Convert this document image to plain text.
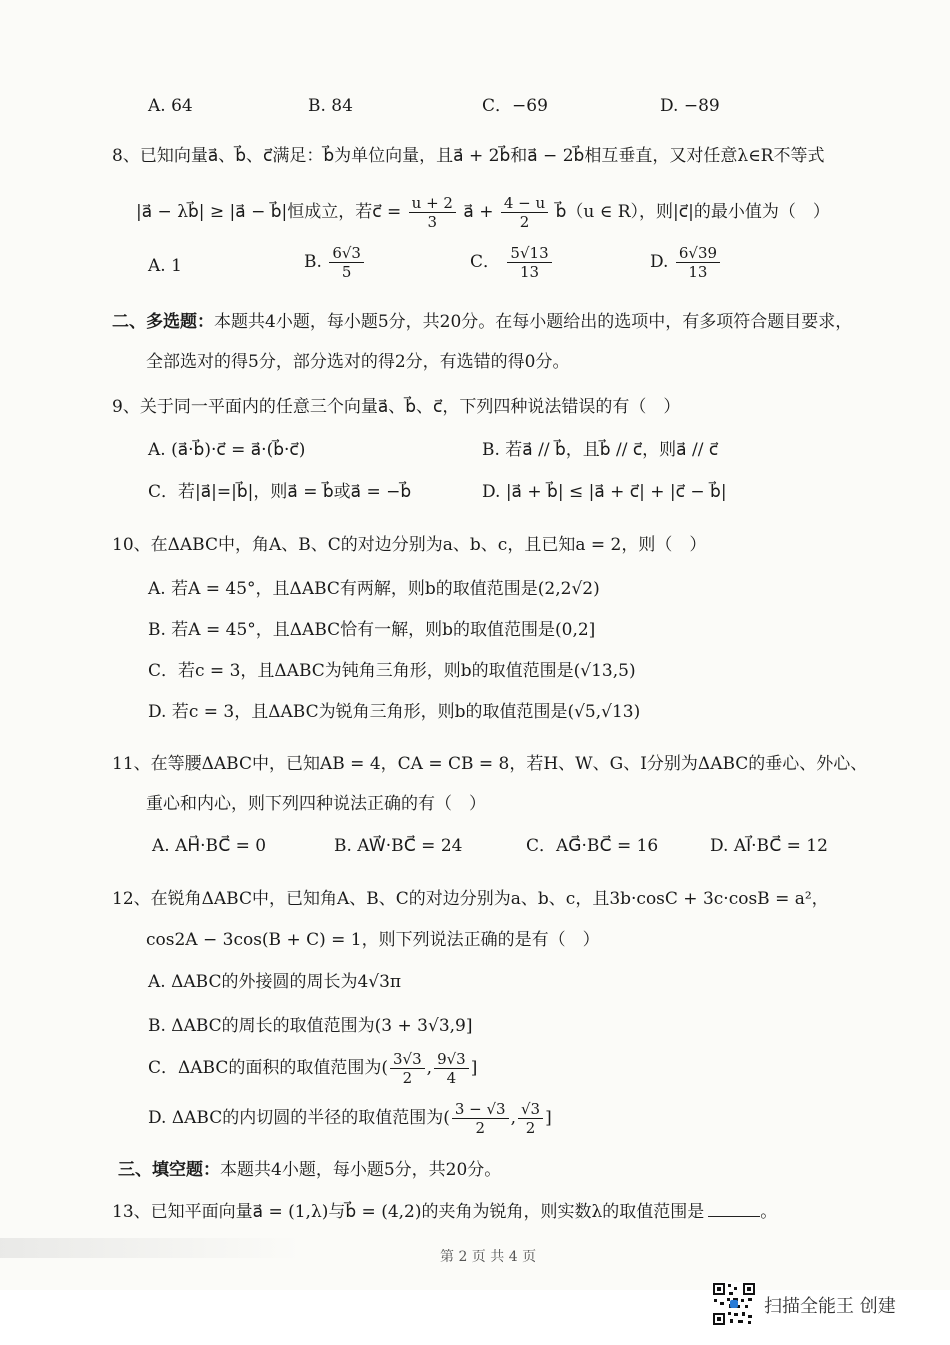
A. 64	B. 84	C．−69	D. −89
8、已知向量a⃗、b⃗、c⃗满足：b⃗为单位向量，且a⃗ + 2b⃗和a⃗ − 2b⃗相互垂直，又对任意λ∈R不等式
|a⃗ − λb⃗| ≥ |a⃗ − b⃗|恒成立，若c⃗ = $\frac{u + 2}{3}$ a⃗ + $\frac{4 - u}{2}$ b⃗（u ∈ R），则|c⃗|的最小值为（　）
A. 1	B. $\frac{6√3}{5}$	C． $\frac{5√13}{13}$	D. $\frac{6√39}{13}$
二、多选题：本题共4小题，每小题5分，共20分。在每小题给出的选项中，有多项符合题目要求，
全部选对的得5分，部分选对的得2分，有选错的得0分。
9、关于同一平面内的任意三个向量a⃗、b⃗、c⃗，下列四种说法错误的有（　）
A. (a⃗·b⃗)·c⃗ = a⃗·(b⃗·c⃗)	B. 若a⃗ // b⃗，且b⃗ // c⃗，则a⃗ // c⃗
C．若|a⃗|=|b⃗|，则a⃗ = b⃗或a⃗ = −b⃗	D. |a⃗ + b⃗| ≤ |a⃗ + c⃗| + |c⃗ − b⃗|
10、在ΔABC中，角A、B、C的对边分别为a、b、c，且已知a = 2，则（　）
A. 若A = 45°，且ΔABC有两解，则b的取值范围是(2,2√2)
B. 若A = 45°，且ΔABC恰有一解，则b的取值范围是(0,2]
C．若c = 3，且ΔABC为钝角三角形，则b的取值范围是(√13,5)
D. 若c = 3，且ΔABC为锐角三角形，则b的取值范围是(√5,√13)
11、在等腰ΔABC中，已知AB = 4，CA = CB = 8，若H、W、G、I分别为ΔABC的垂心、外心、
重心和内心，则下列四种说法正确的有（　）
A. AH⃗·BC⃗ = 0	B. AW⃗·BC⃗ = 24	C．AG⃗·BC⃗ = 16	D. AI⃗·BC⃗ = 12
12、在锐角ΔABC中，已知角A、B、C的对边分别为a、b、c，且3b·cosC + 3c·cosB = a²，
cos2A − 3cos(B + C) = 1，则下列说法正确的是有（　）
A. ΔABC的外接圆的周长为4√3π
B. ΔABC的周长的取值范围为(3 + 3√3,9]
C．ΔABC的面积的取值范围为( $\frac{3√3}{2}$ , $\frac{9√3}{4}$ ]
D. ΔABC的内切圆的半径的取值范围为( $\frac{3 - √3}{2}$ , $\frac{√3}{2}$ ]
三、填空题：本题共4小题，每小题5分，共20分。
13、已知平面向量a⃗ = (1,λ)与b⃗ = (4,2)的夹角为锐角，则实数λ的取值范围是	。
第 2 页 共 4 页
扫描全能王 创建
